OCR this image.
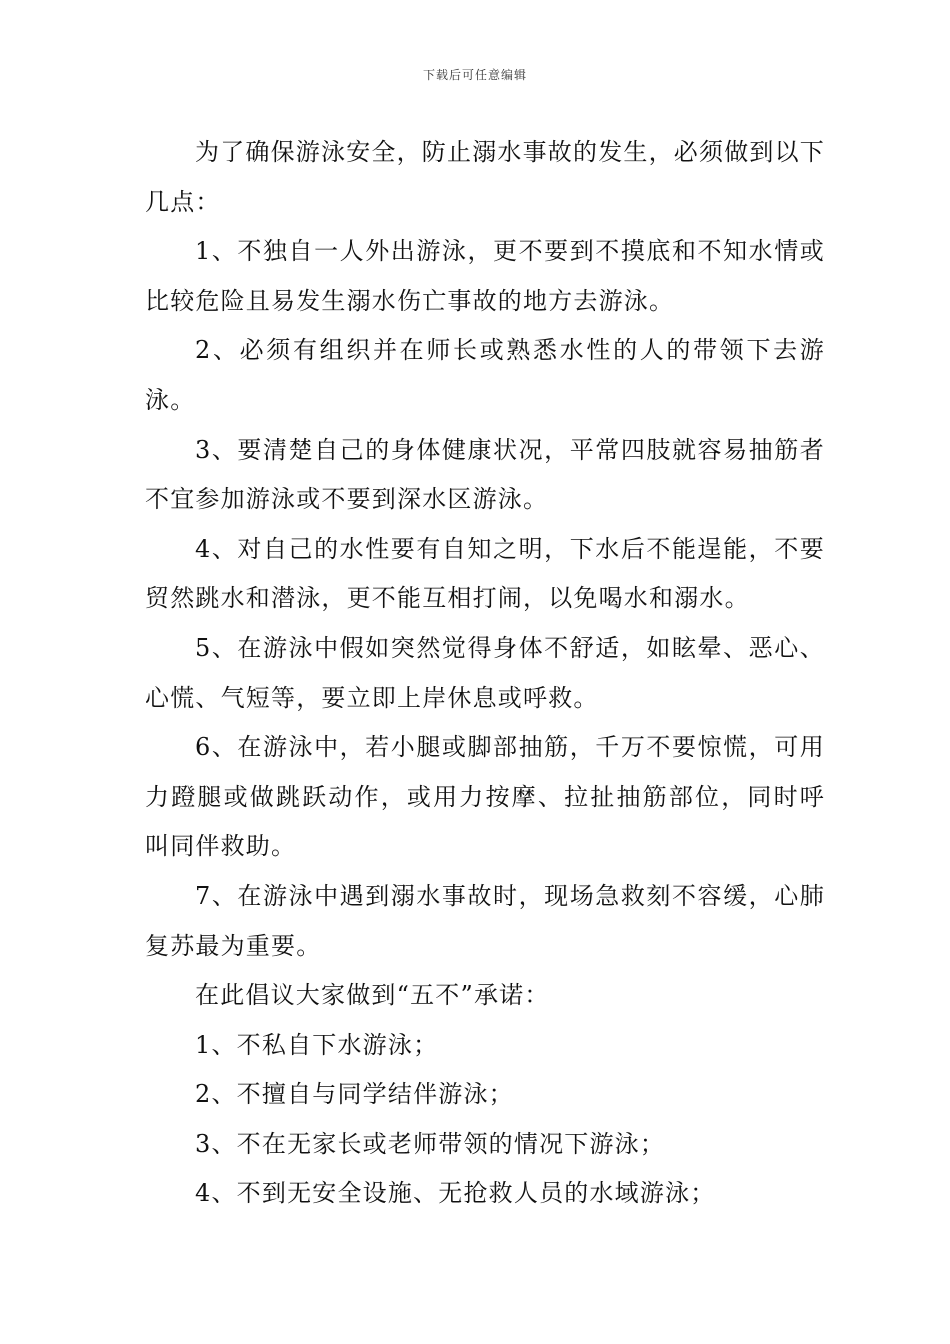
下载后可任意编辑

为了确保游泳安全，防止溺水事故的发生，必须做到以下几点：

1、不独自一人外出游泳，更不要到不摸底和不知水情或比较危险且易发生溺水伤亡事故的地方去游泳。

2、必须有组织并在师长或熟悉水性的人的带领下去游泳。

3、要清楚自己的身体健康状况，平常四肢就容易抽筋者不宜参加游泳或不要到深水区游泳。

4、对自己的水性要有自知之明，下水后不能逞能，不要贸然跳水和潜泳，更不能互相打闹，以免喝水和溺水。

5、在游泳中假如突然觉得身体不舒适，如眩晕、恶心、心慌、气短等，要立即上岸休息或呼救。

6、在游泳中，若小腿或脚部抽筋，千万不要惊慌，可用力蹬腿或做跳跃动作，或用力按摩、拉扯抽筋部位，同时呼叫同伴救助。

7、在游泳中遇到溺水事故时，现场急救刻不容缓，心肺复苏最为重要。

在此倡议大家做到“五不”承诺：

1、不私自下水游泳；

2、不擅自与同学结伴游泳；

3、不在无家长或老师带领的情况下游泳；

4、不到无安全设施、无抢救人员的水域游泳；
